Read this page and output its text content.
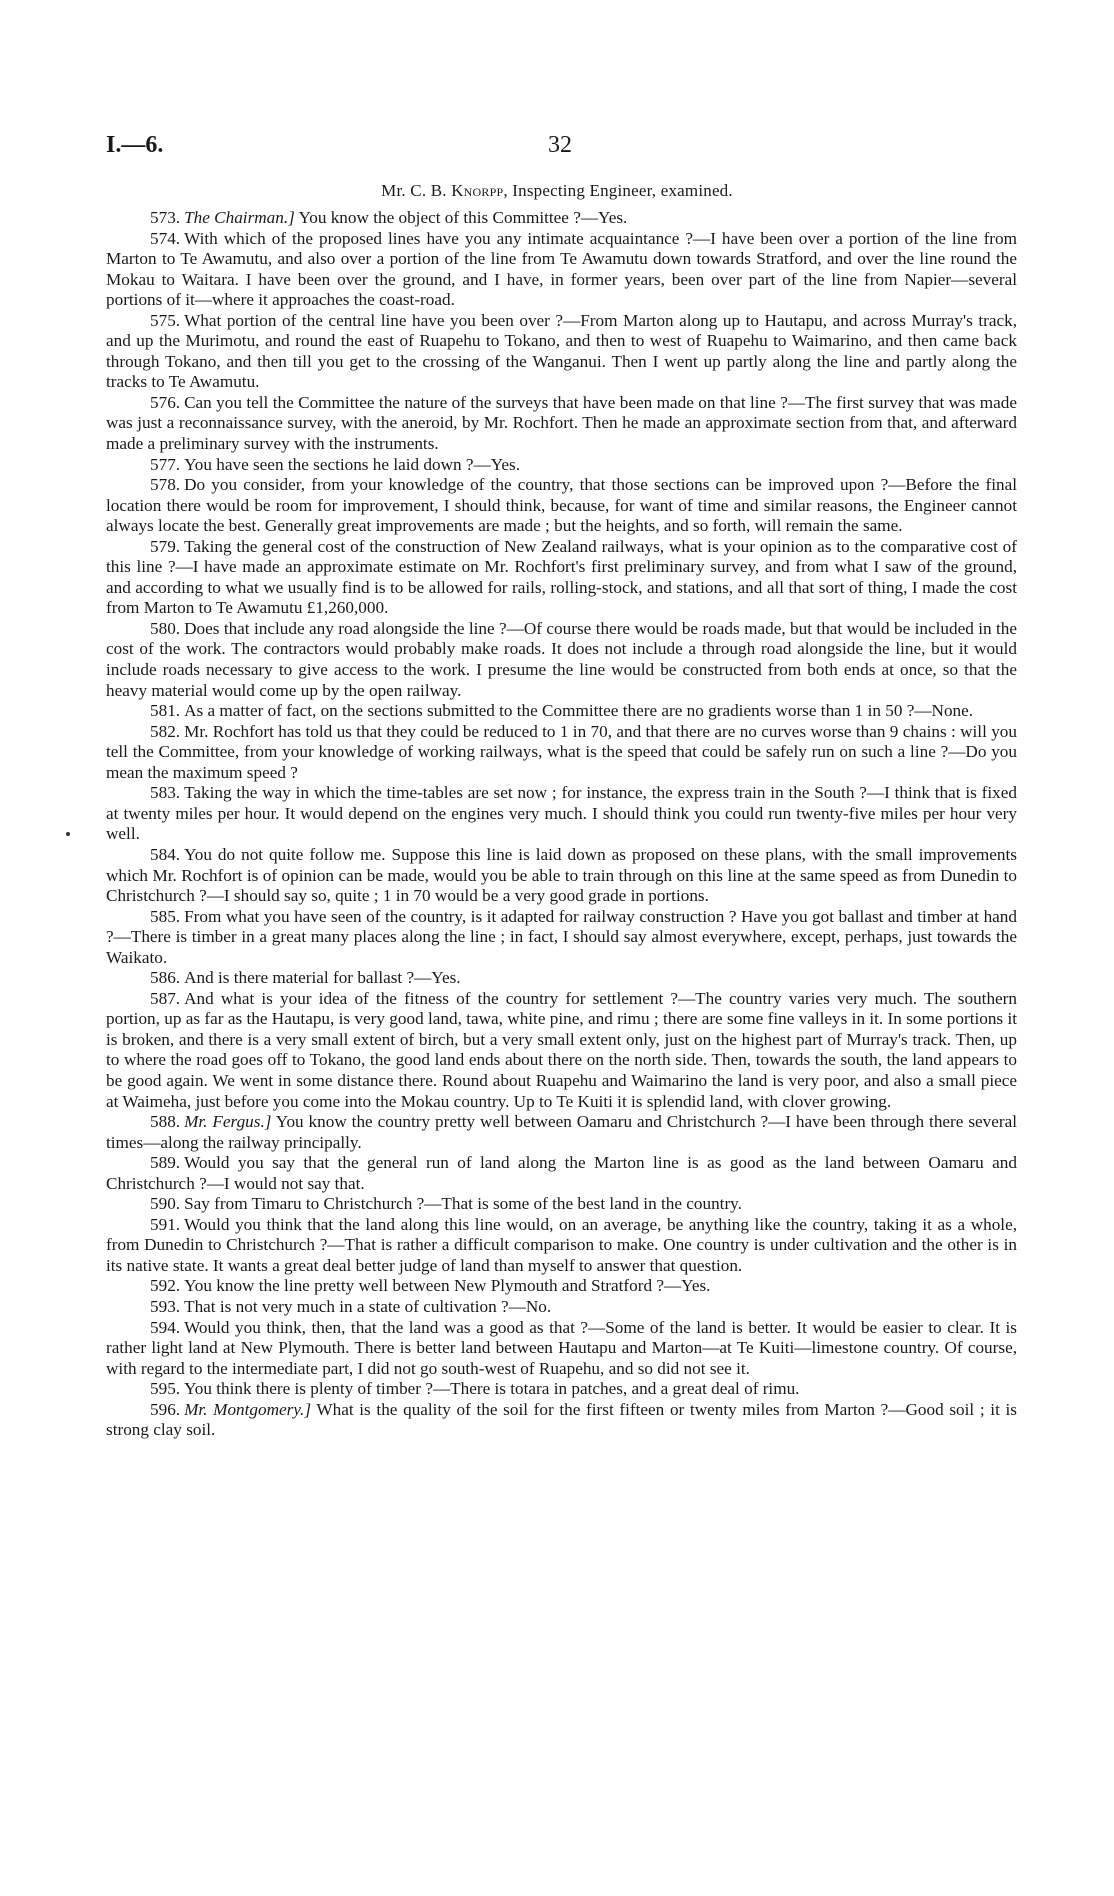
I.—6.	32
Mr. C. B. Knorpp, Inspecting Engineer, examined.

573. The Chairman.] You know the object of this Committee ?—Yes.

574. With which of the proposed lines have you any intimate acquaintance ?—I have been over a portion of the line from Marton to Te Awamutu, and also over a portion of the line from Te Awamutu down towards Stratford, and over the line round the Mokau to Waitara. I have been over the ground, and I have, in former years, been over part of the line from Napier—several portions of it—where it approaches the coast-road.

575. What portion of the central line have you been over ?—From Marton along up to Hautapu, and across Murray's track, and up the Murimotu, and round the east of Ruapehu to Tokano, and then to west of Ruapehu to Waimarino, and then came back through Tokano, and then till you get to the crossing of the Wanganui. Then I went up partly along the line and partly along the tracks to Te Awamutu.

576. Can you tell the Committee the nature of the surveys that have been made on that line ?—The first survey that was made was just a reconnaissance survey, with the aneroid, by Mr. Rochfort. Then he made an approximate section from that, and afterward made a preliminary survey with the instruments.

577. You have seen the sections he laid down ?—Yes.

578. Do you consider, from your knowledge of the country, that those sections can be improved upon ?—Before the final location there would be room for improvement, I should think, because, for want of time and similar reasons, the Engineer cannot always locate the best. Generally great improvements are made ; but the heights, and so forth, will remain the same.

579. Taking the general cost of the construction of New Zealand railways, what is your opinion as to the comparative cost of this line ?—I have made an approximate estimate on Mr. Rochfort's first preliminary survey, and from what I saw of the ground, and according to what we usually find is to be allowed for rails, rolling-stock, and stations, and all that sort of thing, I made the cost from Marton to Te Awamutu £1,260,000.

580. Does that include any road alongside the line ?—Of course there would be roads made, but that would be included in the cost of the work. The contractors would probably make roads. It does not include a through road alongside the line, but it would include roads necessary to give access to the work. I presume the line would be constructed from both ends at once, so that the heavy material would come up by the open railway.

581. As a matter of fact, on the sections submitted to the Committee there are no gradients worse than 1 in 50 ?—None.

582. Mr. Rochfort has told us that they could be reduced to 1 in 70, and that there are no curves worse than 9 chains : will you tell the Committee, from your knowledge of working railways, what is the speed that could be safely run on such a line ?—Do you mean the maximum speed ?

583. Taking the way in which the time-tables are set now ; for instance, the express train in the South ?—I think that is fixed at twenty miles per hour. It would depend on the engines very much. I should think you could run twenty-five miles per hour very well.

584. You do not quite follow me. Suppose this line is laid down as proposed on these plans, with the small improvements which Mr. Rochfort is of opinion can be made, would you be able to train through on this line at the same speed as from Dunedin to Christchurch ?—I should say so, quite ; 1 in 70 would be a very good grade in portions.

585. From what you have seen of the country, is it adapted for railway construction ? Have you got ballast and timber at hand ?—There is timber in a great many places along the line ; in fact, I should say almost everywhere, except, perhaps, just towards the Waikato.

586. And is there material for ballast ?—Yes.

587. And what is your idea of the fitness of the country for settlement ?—The country varies very much. The southern portion, up as far as the Hautapu, is very good land, tawa, white pine, and rimu ; there are some fine valleys in it. In some portions it is broken, and there is a very small extent of birch, but a very small extent only, just on the highest part of Murray's track. Then, up to where the road goes off to Tokano, the good land ends about there on the north side. Then, towards the south, the land appears to be good again. We went in some distance there. Round about Ruapehu and Waimarino the land is very poor, and also a small piece at Waimeha, just before you come into the Mokau country. Up to Te Kuiti it is splendid land, with clover growing.

588. Mr. Fergus.] You know the country pretty well between Oamaru and Christchurch ?—I have been through there several times—along the railway principally.

589. Would you say that the general run of land along the Marton line is as good as the land between Oamaru and Christchurch ?—I would not say that.

590. Say from Timaru to Christchurch ?—That is some of the best land in the country.

591. Would you think that the land along this line would, on an average, be anything like the country, taking it as a whole, from Dunedin to Christchurch ?—That is rather a difficult comparison to make. One country is under cultivation and the other is in its native state. It wants a great deal better judge of land than myself to answer that question.

592. You know the line pretty well between New Plymouth and Stratford ?—Yes.

593. That is not very much in a state of cultivation ?—No.

594. Would you think, then, that the land was a good as that ?—Some of the land is better. It would be easier to clear. It is rather light land at New Plymouth. There is better land between Hautapu and Marton—at Te Kuiti—limestone country. Of course, with regard to the intermediate part, I did not go south-west of Ruapehu, and so did not see it.

595. You think there is plenty of timber ?—There is totara in patches, and a great deal of rimu.

596. Mr. Montgomery.] What is the quality of the soil for the first fifteen or twenty miles from Marton ?—Good soil ; it is strong clay soil.
